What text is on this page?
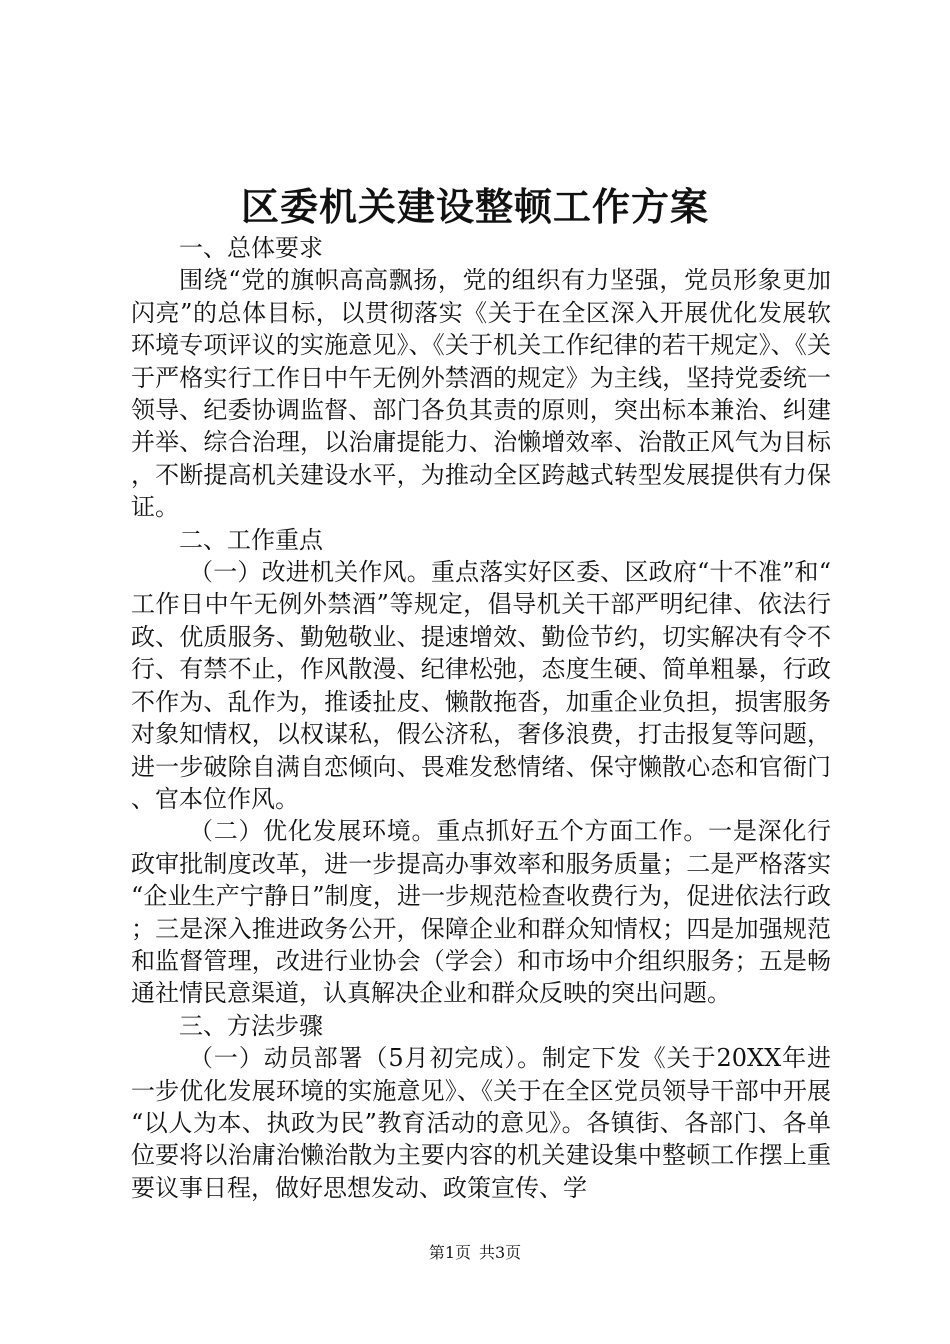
区委机关建设整顿工作方案
一、总体要求

围绕“党的旗帜高高飘扬，党的组织有力坚强，党员形象更加闪亮”的总体目标，以贯彻落实《关于在全区深入开展优化发展软环境专项评议的实施意见》、《关于机关工作纪律的若干规定》、《关于严格实行工作日中午无例外禁酒的规定》为主线，坚持党委统一领导、纪委协调监督、部门各负其责的原则，突出标本兼治、纠建并举、综合治理，以治庸提能力、治懒增效率、治散正风气为目标，不断提高机关建设水平，为推动全区跨越式转型发展提供有力保证。

二、工作重点

（一）改进机关作风。重点落实好区委、区政府“十不准”和“工作日中午无例外禁酒”等规定，倡导机关干部严明纪律、依法行政、优质服务、勤勉敬业、提速增效、勤俭节约，切实解决有令不行、有禁不止，作风散漫、纪律松弛，态度生硬、简单粗暴，行政不作为、乱作为，推诿扯皮、懒散拖沓，加重企业负担，损害服务对象知情权，以权谋私，假公济私，奢侈浪费，打击报复等问题，进一步破除自满自恋倾向、畏难发愁情绪、保守懒散心态和官衙门、官本位作风。

（二）优化发展环境。重点抓好五个方面工作。一是深化行政审批制度改革，进一步提高办事效率和服务质量；二是严格落实“企业生产宁静日”制度，进一步规范检查收费行为，促进依法行政；三是深入推进政务公开，保障企业和群众知情权；四是加强规范和监督管理，改进行业协会（学会）和市场中介组织服务；五是畅通社情民意渠道，认真解决企业和群众反映的突出问题。

三、方法步骤

（一）动员部署（5月初完成）。制定下发《关于20XX年进一步优化发展环境的实施意见》、《关于在全区党员领导干部中开展“以人为本、执政为民”教育活动的意见》。各镇街、各部门、各单位要将以治庸治懒治散为主要内容的机关建设集中整顿工作摆上重要议事日程，做好思想发动、政策宣传、学

第1页 共3页
